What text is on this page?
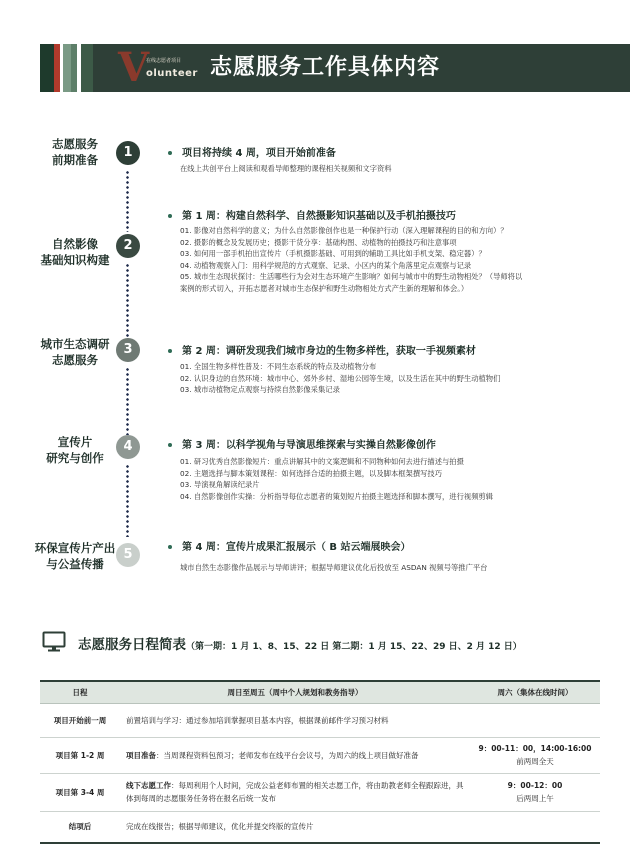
V
在线志愿者项目
olunteer 志愿服务工作具体内容
志愿服务
前期准备	1	项目将持续 4 周，项目开始前准备
在线上共创平台上阅读和观看导师整理的课程相关视频和文字资料
自然影像
基础知识构建
2
第 1 周：构建自然科学、自然摄影知识基础以及手机拍摄技巧
01. 影像对自然科学的意义；为什么自然影像创作也是一种保护行动（深入理解课程的目的和方向）？
02. 摄影的概念及发展历史；摄影干货分享：基础构图、动植物的拍摄技巧和注意事项
03. 如何用一部手机拍出宣传片（手机摄影基础、可用到的辅助工具比如手机支架、稳定器）？
04. 动植物观察入门：用科学规范的方式观察、记录、小区内的某个角落里定点观察与记录
05. 城市生态现状探讨：生活哪些行为会对生态环境产生影响？如何与城市中的野生动物相处？（导师将以
案例的形式切入，开拓志愿者对城市生态保护和野生动物相处方式产生新的理解和体会。）
城市生态调研
志愿服务
3	第 2 周：调研发现我们城市身边的生物多样性，获取一手视频素材
01. 全国生物多样性普及：不同生态系统的特点及动植物分布
02. 认识身边的自然环境：城市中心、郊外乡村、湿地公园等生境，以及生活在其中的野生动植物们
03. 城市动植物定点观察与持续自然影像采集记录
宣传片
研究与创作
4	第 3 周：以科学视角与导演思维探索与实操自然影像创作
01. 研习优秀自然影像短片：重点讲解其中的文案逻辑和不同物种如何去进行描述与拍摄
02. 主题选择与脚本策划课程：如何选择合适的拍摄主题，以及脚本框架撰写技巧
03. 导演视角解读纪录片
04. 自然影像创作实操：分析指导每位志愿者的策划短片拍摄主题选择和脚本撰写，进行视频剪辑
环保宣传片产出
与公益传播
5	第 4 周：宣传片成果汇报展示（ B 站云端展映会）
城市自然生态影像作品展示与导师讲评；根据导师建议优化后投放至 ASDAN 视频号等推广平台
志愿服务日程简表（第一期：1 月 1、8、15、22 日 第二期：1 月 15、22、29 日、2 月 12 日）
日程	周日至周五（周中个人规划和教务指导）	周六（集体在线时间）
项目开始前一周	前置培训与学习：通过参加培训掌握项目基本内容，根据课前邮件学习预习材料	
项目第 1-2 周	项目准备：当周课程资料包预习；老师发布在线平台会议号，为周六的线上项目做好准备	9：00-11：00，14:00-16:00
前两周全天

项目第 3-4 周	线下志愿工作：每周利用个人时间，完成公益老师布置的相关志愿工作，将由助教老师全程跟踪进，具体到每周的志愿服务任务将在报名后统一发布	9：00-12：00
后两周上午

结项后	完成在线报告；根据导师建议，优化并提交终版的宣传片	
